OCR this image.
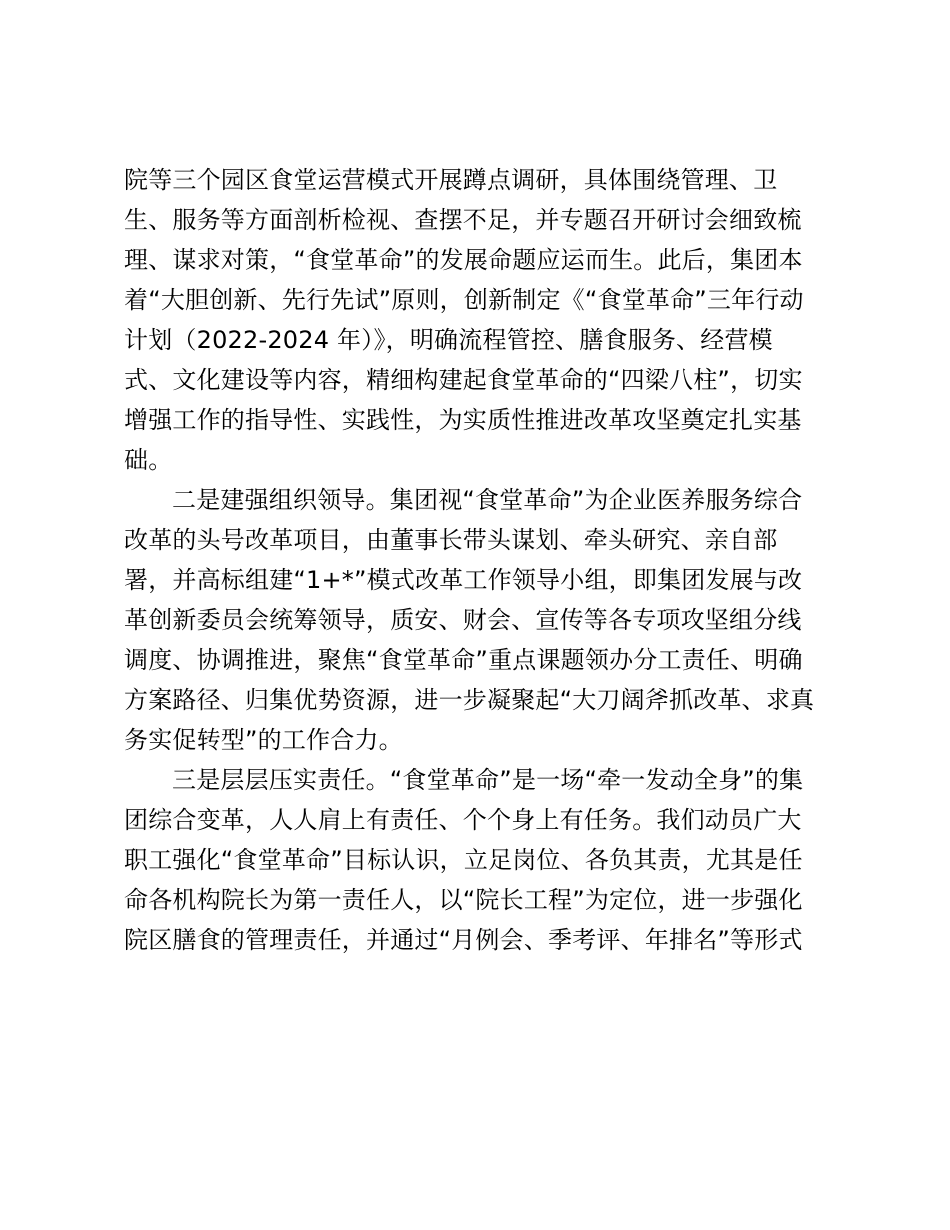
院等三个园区食堂运营模式开展蹲点调研，具体围绕管理、卫
生、服务等方面剖析检视、查摆不足，并专题召开研讨会细致梳
理、谋求对策，“食堂革命”的发展命题应运而生。此后，集团本
着“大胆创新、先行先试”原则，创新制定《“食堂革命”三年行动
计划（2022-2024 年）》，明确流程管控、膳食服务、经营模
式、文化建设等内容，精细构建起食堂革命的“四梁八柱”，切实
增强工作的指导性、实践性，为实质性推进改革攻坚奠定扎实基
础。
二是建强组织领导。集团视“食堂革命”为企业医养服务综合
改革的头号改革项目，由董事长带头谋划、牵头研究、亲自部
署，并高标组建“1+*”模式改革工作领导小组，即集团发展与改
革创新委员会统筹领导，质安、财会、宣传等各专项攻坚组分线
调度、协调推进，聚焦“食堂革命”重点课题领办分工责任、明确
方案路径、归集优势资源，进一步凝聚起“大刀阔斧抓改革、求真
务实促转型”的工作合力。
三是层层压实责任。“食堂革命”是一场“牵一发动全身”的集
团综合变革，人人肩上有责任、个个身上有任务。我们动员广大
职工强化“食堂革命”目标认识，立足岗位、各负其责，尤其是任
命各机构院长为第一责任人，以“院长工程”为定位，进一步强化
院区膳食的管理责任，并通过“月例会、季考评、年排名”等形式
